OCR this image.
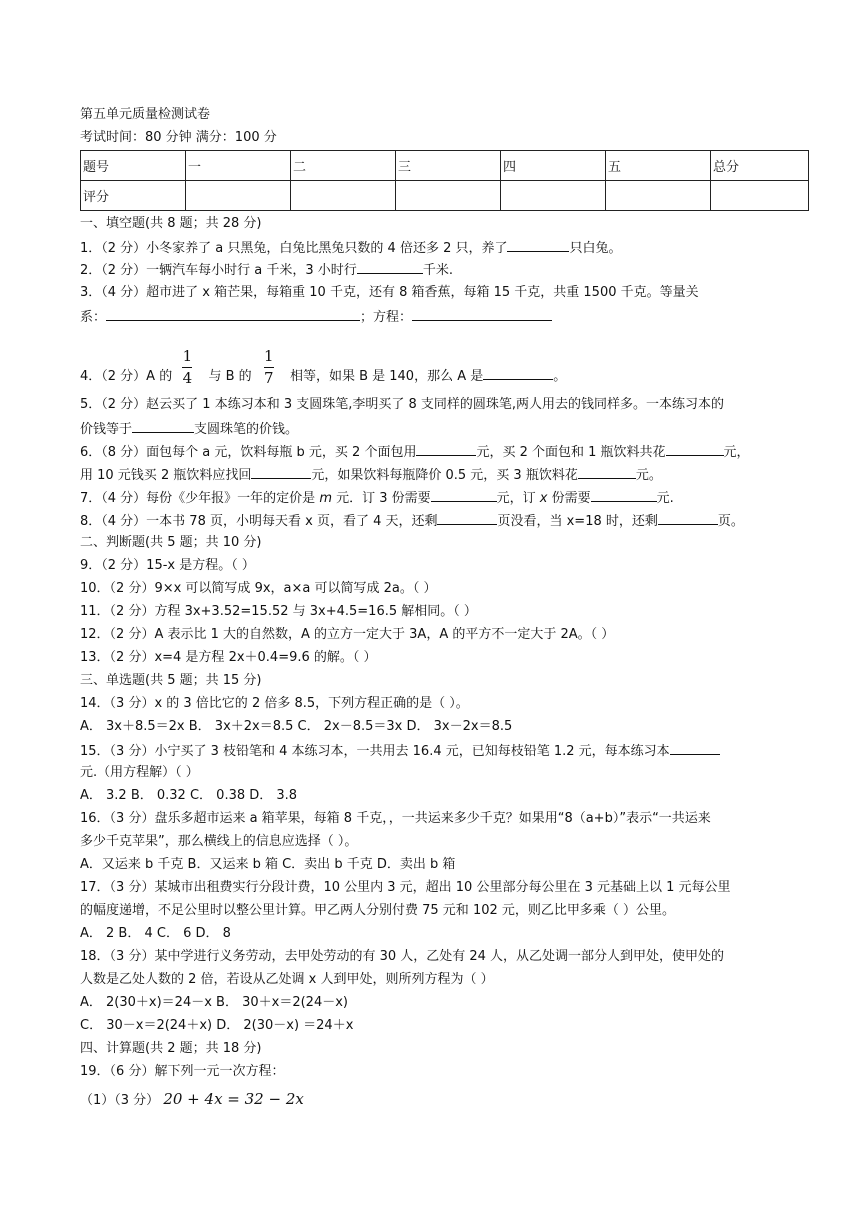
第五单元质量检测试卷
考试时间：80 分钟 满分：100 分
题号	一	二	三	四	五	总分
评分						
一、填空题(共 8 题；共 28 分)
1．（2 分）小冬家养了 a 只黑兔，白兔比黑兔只数的 4 倍还多 2 只，养了	只白兔。
2．（2 分）一辆汽车每小时行 a 千米，3 小时行	千米.
3．（4 分）超市进了 x 箱芒果，每箱重 10 千克，还有 8 箱香蕉，每箱 15 千克，共重 1500 千克。等量关
系：	；方程：
4．（2 分）A 的
$\frac{1}{4}$
与 B 的
$\frac{1}{7}$
相等，如果 B 是 140，那么 A 是	。
5．（2 分）赵云买了 1 本练习本和 3 支圆珠笔,李明买了 8 支同样的圆珠笔,两人用去的钱同样多。一本练习本的
价钱等于	支圆珠笔的价钱。
6．（8 分）面包每个 a 元，饮料每瓶 b 元，买 2 个面包用	元，买 2 个面包和 1 瓶饮料共花	元，
用 10 元钱买 2 瓶饮料应找回	元，如果饮料每瓶降价 0.5 元，买 3 瓶饮料花	元。
7．（4 分）每份《少年报》一年的定价是 m 元．订 3 份需要	元，订 x 份需要	元.
8．（4 分）一本书 78 页，小明每天看 x 页，看了 4 天，还剩	页没看，当 x=18 时，还剩	页。
二、判断题(共 5 题；共 10 分)
9．（2 分）15-x 是方程。（ ）
10．（2 分）9×x 可以简写成 9x，a×a 可以简写成 2a。（ ）
11．（2 分）方程 3x+3.52=15.52 与 3x+4.5=16.5 解相同。（ ）
12．（2 分）A 表示比 1 大的自然数，A 的立方一定大于 3A，A 的平方不一定大于 2A。（ ）
13．（2 分）x=4 是方程 2x＋0.4=9.6 的解。（ ）
三、单选题(共 5 题；共 15 分)
14．（3 分）x 的 3 倍比它的 2 倍多 8.5，下列方程正确的是（ ）。
A． 3x＋8.5＝2x B． 3x＋2x＝8.5 C． 2x－8.5＝3x D． 3x－2x＝8.5
15．（3 分）小宁买了 3 枝铅笔和 4 本练习本，一共用去 16.4 元，已知每枝铅笔 1.2 元，每本练习本
元.（用方程解）（ ）
A． 3.2 B． 0.32 C． 0.38 D． 3.8
16．（3 分）盘乐多超市运来 a 箱苹果，每箱 8 千克，，一共运来多少千克？如果用“8（a+b）”表示“一共运来
多少千克苹果”，那么横线上的信息应选择（ ）。
A．又运来 b 千克 B．又运来 b 箱 C．卖出 b 千克 D．卖出 b 箱
17．（3 分）某城市出租费实行分段计费，10 公里内 3 元，超出 10 公里部分每公里在 3 元基础上以 1 元每公里
的幅度递增，不足公里时以整公里计算。甲乙两人分别付费 75 元和 102 元，则乙比甲多乘（ ）公里。
A． 2 B． 4 C． 6 D． 8
18．（3 分）某中学进行义务劳动，去甲处劳动的有 30 人，乙处有 24 人，从乙处调一部分人到甲处，使甲处的
人数是乙处人数的 2 倍，若设从乙处调 x 人到甲处，则所列方程为（ ）
A． 2(30＋x)＝24－x B． 30＋x＝2(24－x)
C． 30－x＝2(24＋x) D． 2(30－x) ＝24＋x
四、计算题(共 2 题；共 18 分)
19．（6 分）解下列一元一次方程：
（1）（3 分） 20 + 4x = 32 − 2x
